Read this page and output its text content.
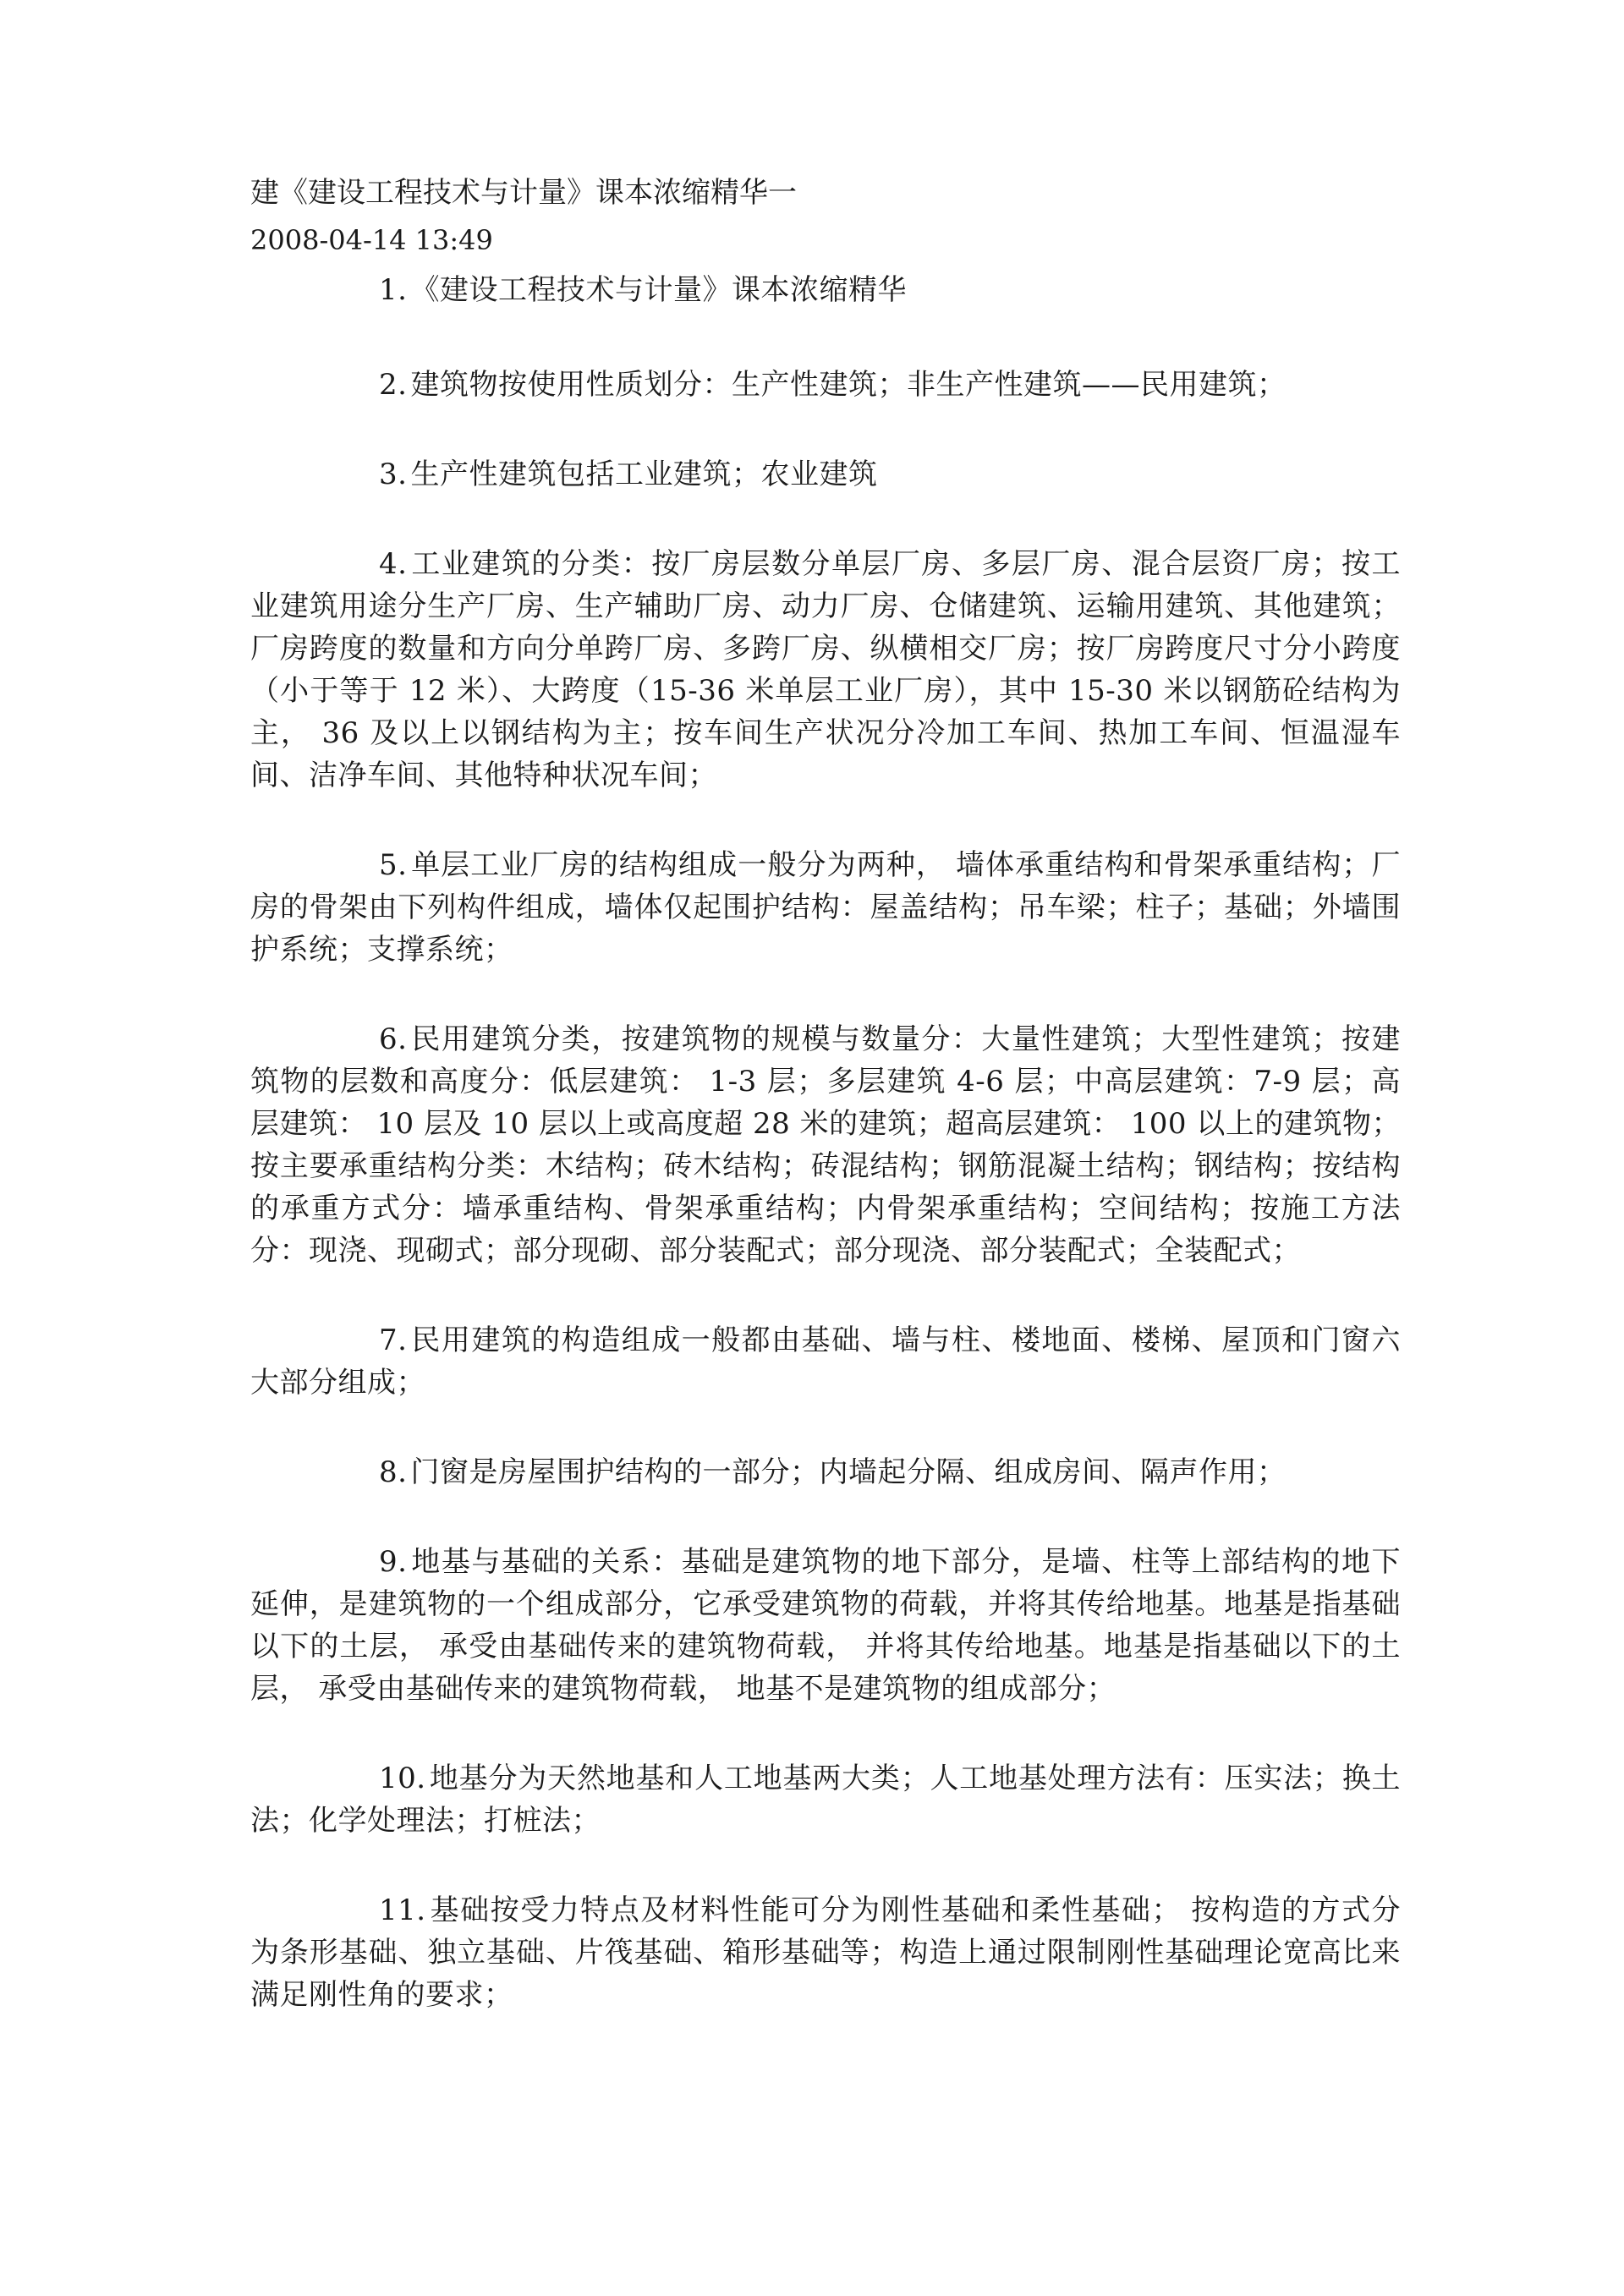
建《建设工程技术与计量》课本浓缩精华一

2008-04-14 13:49

1. 《建设工程技术与计量》课本浓缩精华

2. 建筑物按使用性质划分：生产性建筑；非生产性建筑——民用建筑；

3. 生产性建筑包括工业建筑；农业建筑

4. 工业建筑的分类：按厂房层数分单层厂房、多层厂房、混合层资厂房；按工业建筑用途分生产厂房、生产辅助厂房、动力厂房、仓储建筑、运输用建筑、其他建筑；厂房跨度的数量和方向分单跨厂房、多跨厂房、纵横相交厂房；按厂房跨度尺寸分小跨度（小于等于 12 米）、大跨度（15-36 米单层工业厂房），其中 15-30 米以钢筋砼结构为主， 36 及以上以钢结构为主；按车间生产状况分冷加工车间、热加工车间、恒温湿车间、洁净车间、其他特种状况车间；

5. 单层工业厂房的结构组成一般分为两种， 墙体承重结构和骨架承重结构；厂房的骨架由下列构件组成，墙体仅起围护结构：屋盖结构；吊车梁；柱子；基础；外墙围护系统；支撑系统；

6. 民用建筑分类，按建筑物的规模与数量分：大量性建筑；大型性建筑；按建筑物的层数和高度分：低层建筑： 1-3 层；多层建筑 4-6 层；中高层建筑：7-9 层；高层建筑： 10 层及 10 层以上或高度超 28 米的建筑；超高层建筑： 100 以上的建筑物；按主要承重结构分类：木结构；砖木结构；砖混结构；钢筋混凝土结构；钢结构；按结构的承重方式分：墙承重结构、骨架承重结构；内骨架承重结构；空间结构；按施工方法分：现浇、现砌式；部分现砌、部分装配式；部分现浇、部分装配式；全装配式；

7. 民用建筑的构造组成一般都由基础、墙与柱、楼地面、楼梯、屋顶和门窗六大部分组成；

8. 门窗是房屋围护结构的一部分；内墙起分隔、组成房间、隔声作用；

9. 地基与基础的关系：基础是建筑物的地下部分，是墙、柱等上部结构的地下延伸，是建筑物的一个组成部分，它承受建筑物的荷载，并将其传给地基。地基是指基础以下的土层， 承受由基础传来的建筑物荷载， 并将其传给地基。地基是指基础以下的土层， 承受由基础传来的建筑物荷载， 地基不是建筑物的组成部分；

10. 地基分为天然地基和人工地基两大类；人工地基处理方法有：压实法；换土法；化学处理法；打桩法；

11. 基础按受力特点及材料性能可分为刚性基础和柔性基础； 按构造的方式分为条形基础、独立基础、片筏基础、箱形基础等；构造上通过限制刚性基础理论宽高比来满足刚性角的要求；
